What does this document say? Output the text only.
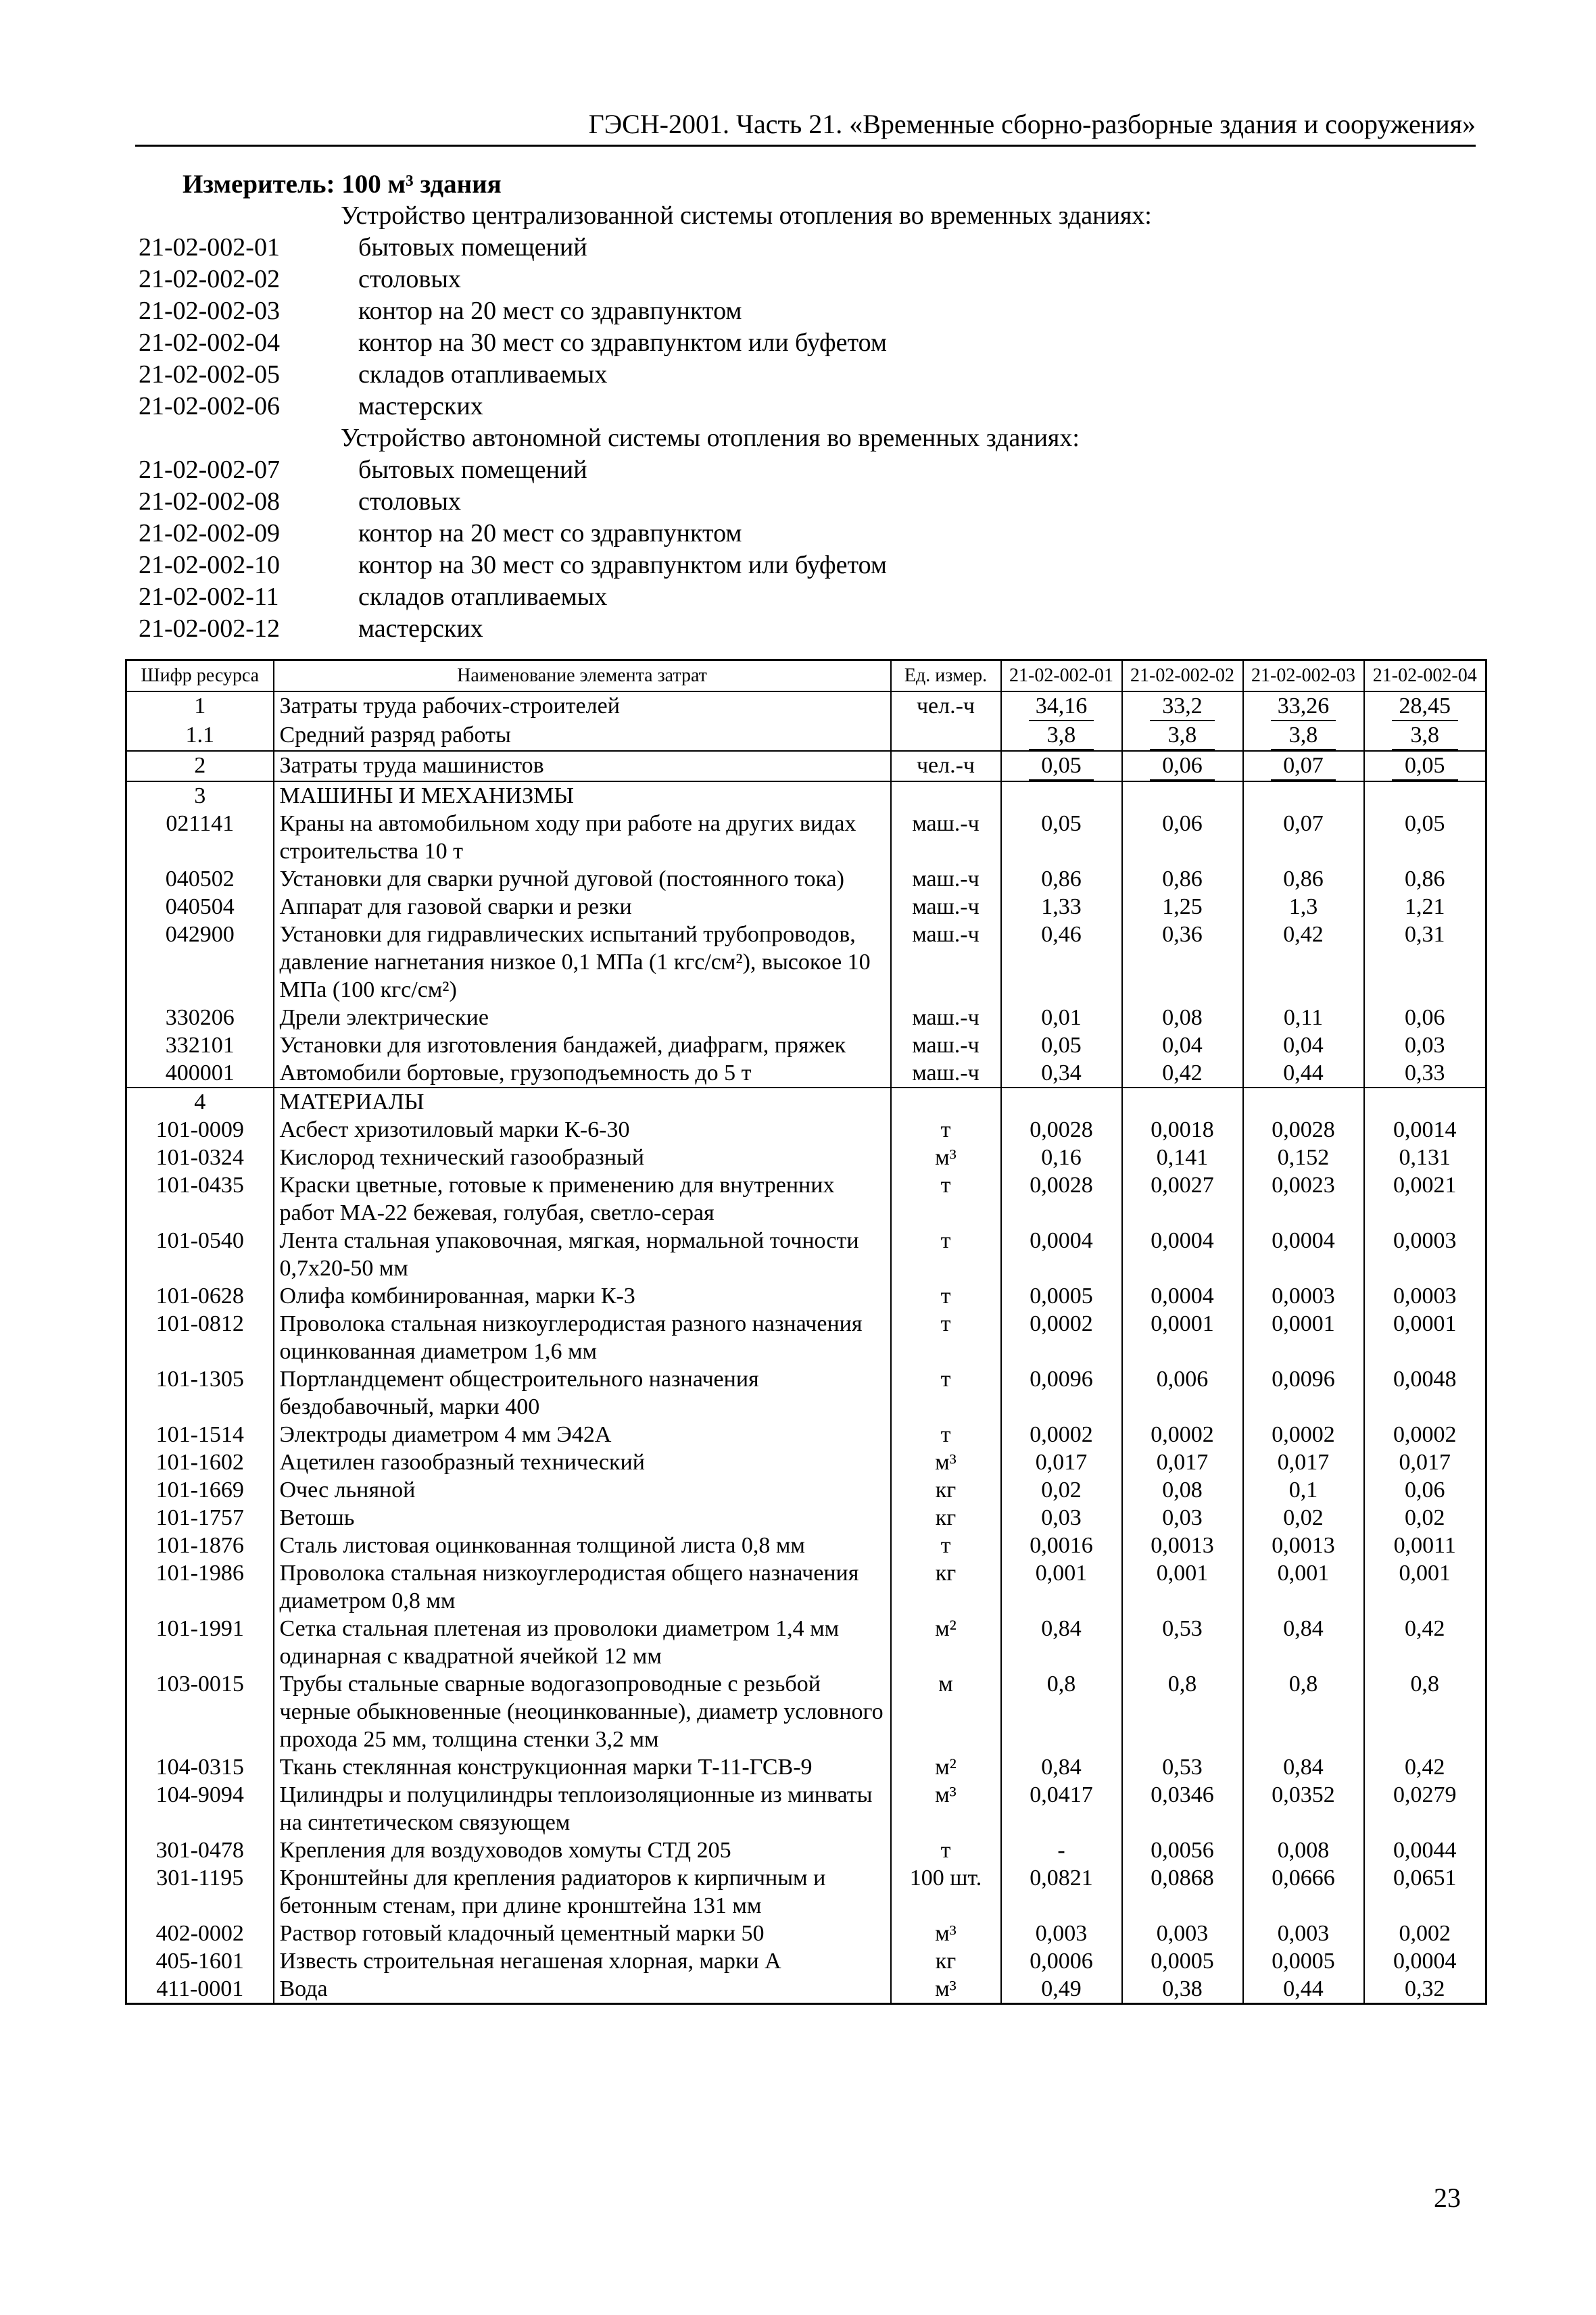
ГЭСН-2001. Часть 21. «Временные сборно-разборные здания и сооружения»
Измеритель: 100 м³ здания
Устройство централизованной системы отопления во временных зданиях:
21-02-002-01	бытовых помещений
21-02-002-02	столовых
21-02-002-03	контор на 20 мест со здравпунктом
21-02-002-04	контор на 30 мест со здравпунктом или буфетом
21-02-002-05	складов отапливаемых
21-02-002-06	мастерских
Устройство автономной системы отопления во временных зданиях:
21-02-002-07	бытовых помещений
21-02-002-08	столовых
21-02-002-09	контор на 20 мест со здравпунктом
21-02-002-10	контор на 30 мест со здравпунктом или буфетом
21-02-002-11	складов отапливаемых
21-02-002-12	мастерских
Шифр ресурса	Наименование элемента затрат	Ед. измер.	21-02-002-01	21-02-002-02	21-02-002-03	21-02-002-04
1	Затраты труда рабочих-строителей	чел.-ч	34,16	33,2	33,26	28,45
1.1	Средний разряд работы		3,8	3,8	3,8	3,8
2	Затраты труда машинистов	чел.-ч	0,05	0,06	0,07	0,05
3	МАШИНЫ И МЕХАНИЗМЫ					
021141	Краны на автомобильном ходу при работе на других видах строительства 10 т	маш.-ч	0,05	0,06	0,07	0,05
040502	Установки для сварки ручной дуговой (постоянного тока)	маш.-ч	0,86	0,86	0,86	0,86
040504	Аппарат для газовой сварки и резки	маш.-ч	1,33	1,25	1,3	1,21
042900	Установки для гидравлических испытаний трубопроводов, давление нагнетания низкое 0,1 МПа (1 кгс/см²), высокое 10 МПа (100 кгс/см²)	маш.-ч	0,46	0,36	0,42	0,31
330206	Дрели электрические	маш.-ч	0,01	0,08	0,11	0,06
332101	Установки для изготовления бандажей, диафрагм, пряжек	маш.-ч	0,05	0,04	0,04	0,03
400001	Автомобили бортовые, грузоподъемность до 5 т	маш.-ч	0,34	0,42	0,44	0,33
4	МАТЕРИАЛЫ					
101-0009	Асбест хризотиловый марки К-6-30	т	0,0028	0,0018	0,0028	0,0014
101-0324	Кислород технический газообразный	м³	0,16	0,141	0,152	0,131
101-0435	Краски цветные, готовые к применению для внутренних работ МА-22 бежевая, голубая, светло-серая	т	0,0028	0,0027	0,0023	0,0021
101-0540	Лента стальная упаковочная, мягкая, нормальной точности 0,7х20-50 мм	т	0,0004	0,0004	0,0004	0,0003
101-0628	Олифа комбинированная, марки К-3	т	0,0005	0,0004	0,0003	0,0003
101-0812	Проволока стальная низкоуглеродистая разного назначения оцинкованная диаметром 1,6 мм	т	0,0002	0,0001	0,0001	0,0001
101-1305	Портландцемент общестроительного назначения бездобавочный, марки 400	т	0,0096	0,006	0,0096	0,0048
101-1514	Электроды диаметром 4 мм Э42А	т	0,0002	0,0002	0,0002	0,0002
101-1602	Ацетилен газообразный технический	м³	0,017	0,017	0,017	0,017
101-1669	Очес льняной	кг	0,02	0,08	0,1	0,06
101-1757	Ветошь	кг	0,03	0,03	0,02	0,02
101-1876	Сталь листовая оцинкованная толщиной листа 0,8 мм	т	0,0016	0,0013	0,0013	0,0011
101-1986	Проволока стальная низкоуглеродистая общего назначения диаметром 0,8 мм	кг	0,001	0,001	0,001	0,001
101-1991	Сетка стальная плетеная из проволоки диаметром 1,4 мм одинарная с квадратной ячейкой 12 мм	м²	0,84	0,53	0,84	0,42
103-0015	Трубы стальные сварные водогазопроводные с резьбой черные обыкновенные (неоцинкованные), диаметр условного прохода 25 мм, толщина стенки 3,2 мм	м	0,8	0,8	0,8	0,8
104-0315	Ткань стеклянная конструкционная марки Т-11-ГСВ-9	м²	0,84	0,53	0,84	0,42
104-9094	Цилиндры и полуцилиндры теплоизоляционные из минваты на синтетическом связующем	м³	0,0417	0,0346	0,0352	0,0279
301-0478	Крепления для воздуховодов хомуты СТД 205	т	-	0,0056	0,008	0,0044
301-1195	Кронштейны для крепления радиаторов к кирпичным и бетонным стенам, при длине кронштейна 131 мм	100 шт.	0,0821	0,0868	0,0666	0,0651
402-0002	Раствор готовый кладочный цементный марки 50	м³	0,003	0,003	0,003	0,002
405-1601	Известь строительная негашеная хлорная, марки А	кг	0,0006	0,0005	0,0005	0,0004
411-0001	Вода	м³	0,49	0,38	0,44	0,32
23
